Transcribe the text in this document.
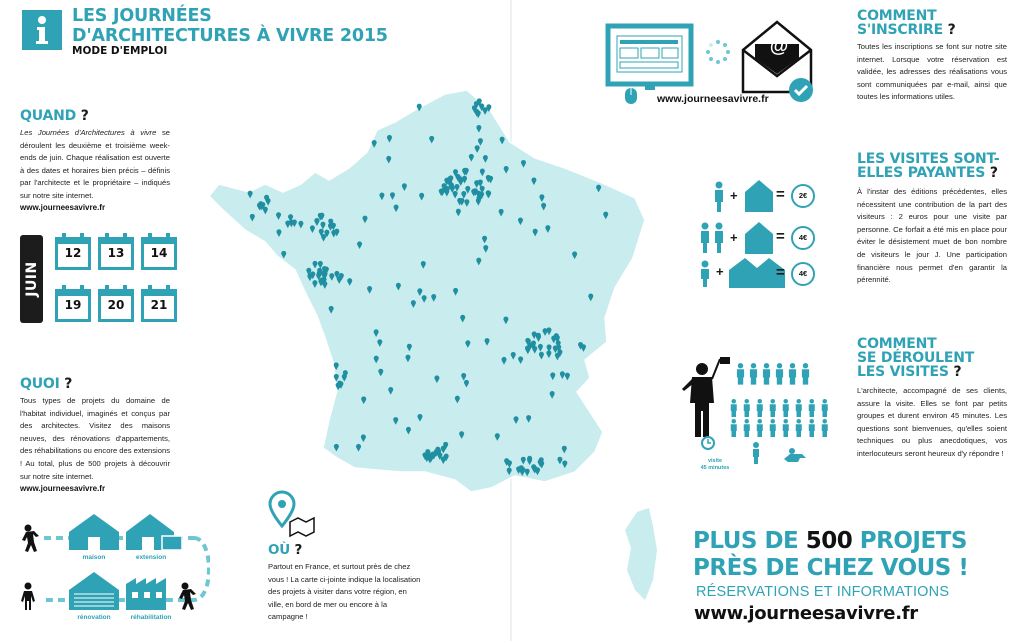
LES JOURNÉES
D'ARCHITECTURES À VIVRE 2015
MODE D'EMPLOI
QUAND ?
Les Journées d'Architectures à vivre se déroulent les deuxième et troisième week-ends de juin. Chaque réalisation est ouverte à des dates et horaires bien précis – définis par l'architecte et le propriétaire – indiqués sur notre site internet.
www.journeesavivre.fr
JUIN
12	13	14
19	20	21
QUOI ?
Tous types de projets du domaine de l'habitat individuel, imaginés et conçus par des architectes. Visitez des maisons neuves, des rénovations d'appartements, des réhabilitations ou encore des extensions ! Au total, plus de 500 projets à découvrir sur notre site internet.
www.journeesavivre.fr
maison	extension
rénovation	réhabilitation
OÙ ?
Partout en France, et surtout près de chez vous ! La carte ci-jointe indique la localisation des projets à visiter dans votre région, en ville, en bord de mer ou encore à la campagne !
@
www.journeesavivre.fr
COMMENT
S'INSCRIRE ?
Toutes les inscriptions se font sur notre site internet. Lorsque votre réservation est validée, les adresses des réalisations vous sont communiquées par e-mail, ainsi que toutes les informations utiles.
LES VISITES SONT-
ELLES PAYANTES ?
À l'instar des éditions précédentes, elles nécessitent une contribution de la part des visiteurs : 2 euros pour une visite par personne. Ce forfait a été mis en place pour éviter le désistement muet de bon nombre de visiteurs le jour J. Une participation financière nous permet d'en garantir la pérennité.
+	=	2€
+	=	4€
+	=	4€
COMMENT
SE DÉROULENT
LES VISITES ?
L'architecte, accompagné de ses clients, assure la visite. Elles se font par petits groupes et durent environ 45 minutes. Les questions sont bienvenues, qu'elles soient techniques ou plus anecdotiques, vos interlocuteurs seront heureux d'y répondre !
visite
45 minutes
PLUS DE 500 PROJETS
PRÈS DE CHEZ VOUS !
RÉSERVATIONS ET INFORMATIONS
www.journeesavivre.fr
